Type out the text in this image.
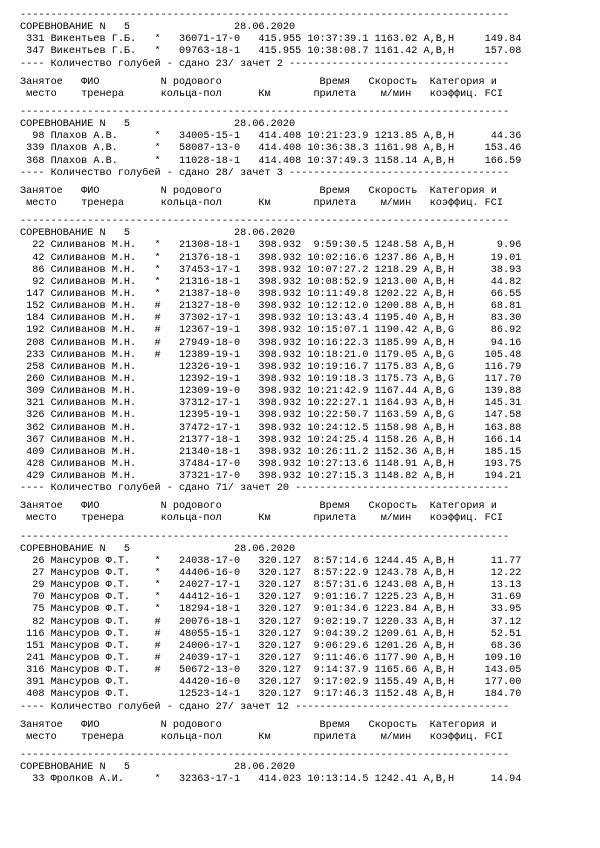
--------------------------------------------------------------------------------
СОРЕВНОВАНИЕ N   5                 28.06.2020
331 Викентьев Г.Б.   *   36071-17-0   415.955 10:37:39.1 1163.02 A,B,H     149.84
347 Викентьев Г.Б.   *   09763-18-1   415.955 10:38:08.7 1161.42 A,B,H     157.08
---- Количество голубей - сдано 23/ зачет 2 ------------------------------------
Занятое   ФИО          N родового                Время   Скорость  Категория и
место    тренера      кольца-пол      Км       прилета    м/мин   коэффиц. FCI
--------------------------------------------------------------------------------
СОРЕВНОВАНИЕ N   5                 28.06.2020
98 Плахов А.В.      *   34005-15-1   414.408 10:21:23.9 1213.85 A,B,H      44.36
339 Плахов А.В.      *   58087-13-0   414.408 10:36:38.3 1161.98 A,B,H     153.46
368 Плахов А.В.      *   11028-18-1   414.408 10:37:49.3 1158.14 A,B,H     166.59
---- Количество голубей - сдано 28/ зачет 3 ------------------------------------
Занятое   ФИО          N родового                Время   Скорость  Категория и
место    тренера      кольца-пол      Км       прилета    м/мин   коэффиц. FCI
--------------------------------------------------------------------------------
СОРЕВНОВАНИЕ N   5                 28.06.2020
22 Силиванов М.Н.   *   21308-18-1   398.932  9:59:30.5 1248.58 A,B,H       9.96
42 Силиванов М.Н.   *   21376-18-1   398.932 10:02:16.6 1237.86 A,B,H      19.01
86 Силиванов М.Н.   *   37453-17-1   398.932 10:07:27.2 1218.29 A,B,H      38.93
92 Силиванов М.Н.   *   21316-18-1   398.932 10:08:52.9 1213.00 A,B,H      44.82
147 Силиванов М.Н.   *   21387-18-0   398.932 10:11:49.8 1202.22 A,B,H      66.55
152 Силиванов М.Н.   #   21327-18-0   398.932 10:12:12.0 1200.88 A,B,H      68.81
184 Силиванов М.Н.   #   37302-17-1   398.932 10:13:43.4 1195.40 A,B,H      83.30
192 Силиванов М.Н.   #   12367-19-1   398.932 10:15:07.1 1190.42 A,B,G      86.92
208 Силиванов М.Н.   #   27949-18-0   398.932 10:16:22.3 1185.99 A,B,H      94.16
233 Силиванов М.Н.   #   12389-19-1   398.932 10:18:21.0 1179.05 A,B,G     105.48
258 Силиванов М.Н.       12326-19-1   398.932 10:19:16.7 1175.83 A,B,G     116.79
260 Силиванов М.Н.       12392-19-1   398.932 10:19:18.3 1175.73 A,B,G     117.70
309 Силиванов М.Н.       12309-19-0   398.932 10:21:42.9 1167.44 A,B,G     139.88
321 Силиванов М.Н.       37312-17-1   398.932 10:22:27.1 1164.93 A,B,H     145.31
326 Силиванов М.Н.       12395-19-1   398.932 10:22:50.7 1163.59 A,B,G     147.58
362 Силиванов М.Н.       37472-17-1   398.932 10:24:12.5 1158.98 A,B,H     163.88
367 Силиванов М.Н.       21377-18-1   398.932 10:24:25.4 1158.26 A,B,H     166.14
409 Силиванов М.Н.       21340-18-1   398.932 10:26:11.2 1152.36 A,B,H     185.15
428 Силиванов М.Н.       37484-17-0   398.932 10:27:13.6 1148.91 A,B,H     193.75
429 Силиванов М.Н.       37321-17-0   398.932 10:27:15.3 1148.82 A,B,H     194.21
---- Количество голубей - сдано 71/ зачет 20 -----------------------------------
Занятое   ФИО          N родового                Время   Скорость  Категория и
место    тренера      кольца-пол      Км       прилета    м/мин   коэффиц. FCI
--------------------------------------------------------------------------------
СОРЕВНОВАНИЕ N   5                 28.06.2020
26 Мансуров Ф.Т.    *   24038-17-0   320.127  8:57:14.6 1244.45 A,B,H      11.77
27 Мансуров Ф.Т.    *   44406-16-0   320.127  8:57:22.9 1243.78 A,B,H      12.22
29 Мансуров Ф.Т.    *   24027-17-1   320.127  8:57:31.6 1243.08 A,B,H      13.13
70 Мансуров Ф.Т.    *   44412-16-1   320.127  9:01:16.7 1225.23 A,B,H      31.69
75 Мансуров Ф.Т.    *   18294-18-1   320.127  9:01:34.6 1223.84 A,B,H      33.95
82 Мансуров Ф.Т.    #   20076-18-1   320.127  9:02:19.7 1220.33 A,B,H      37.12
116 Мансуров Ф.Т.    #   48055-15-1   320.127  9:04:39.2 1209.61 A,B,H      52.51
151 Мансуров Ф.Т.    #   24006-17-1   320.127  9:06:29.6 1201.26 A,B,H      68.36
241 Мансуров Ф.Т.    #   24039-17-1   320.127  9:11:46.6 1177.90 A,B,H     109.10
316 Мансуров Ф.Т.    #   50672-13-0   320.127  9:14:37.9 1165.66 A,B,H     143.05
391 Мансуров Ф.Т.        44420-16-0   320.127  9:17:02.9 1155.49 A,B,H     177.00
408 Мансуров Ф.Т.        12523-14-1   320.127  9:17:46.3 1152.48 A,B,H     184.70
---- Количество голубей - сдано 27/ зачет 12 -----------------------------------
Занятое   ФИО          N родового                Время   Скорость  Категория и
место    тренера      кольца-пол      Км       прилета    м/мин   коэффиц. FCI
--------------------------------------------------------------------------------
СОРЕВНОВАНИЕ N   5                 28.06.2020
33 Фролков А.И.     *   32363-17-1   414.023 10:13:14.5 1242.41 A,B,H      14.94
